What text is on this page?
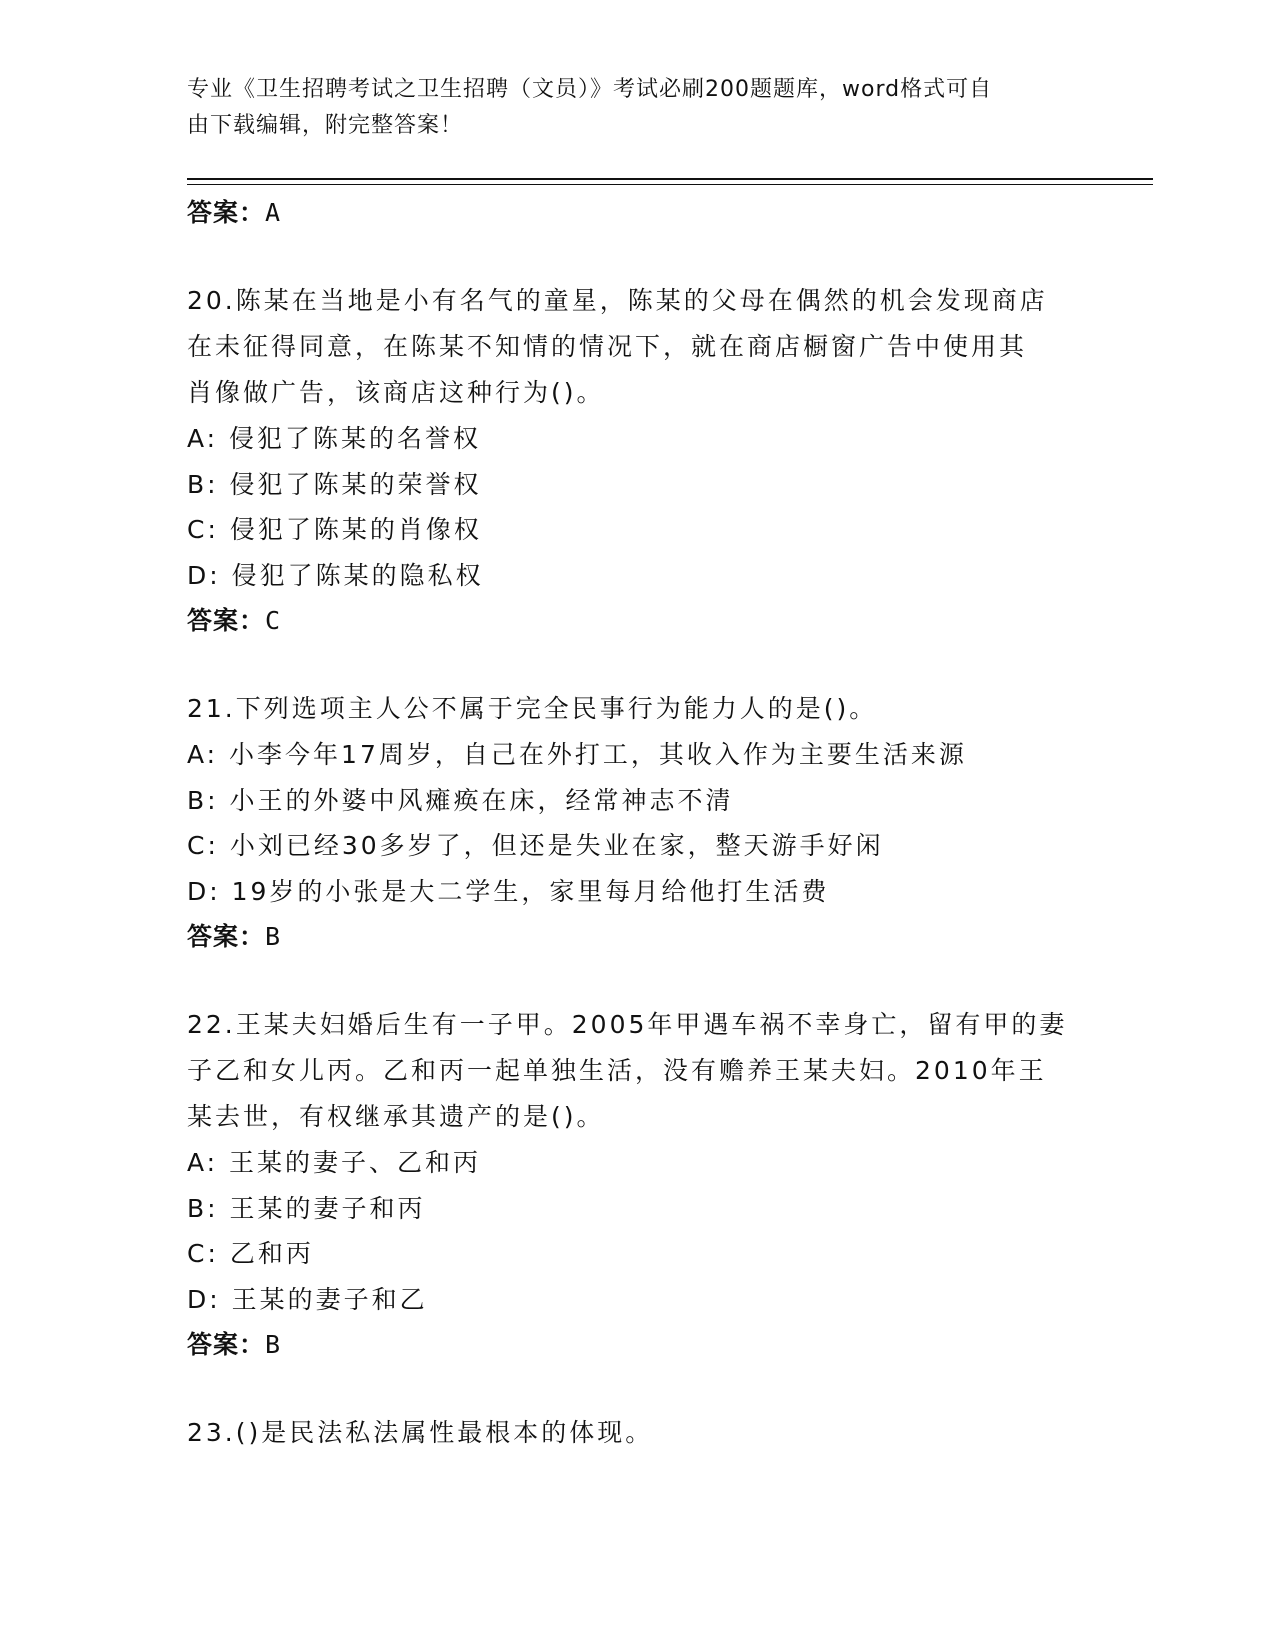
专业《卫生招聘考试之卫生招聘（文员）》考试必刷200题题库，word格式可自
由下载编辑，附完整答案！
答案：A
20.陈某在当地是小有名气的童星，陈某的父母在偶然的机会发现商店
在未征得同意，在陈某不知情的情况下，就在商店橱窗广告中使用其
肖像做广告，该商店这种行为()。
A: 侵犯了陈某的名誉权
B: 侵犯了陈某的荣誉权
C: 侵犯了陈某的肖像权
D: 侵犯了陈某的隐私权
答案：C
21.下列选项主人公不属于完全民事行为能力人的是()。
A: 小李今年17周岁，自己在外打工，其收入作为主要生活来源
B: 小王的外婆中风瘫痪在床，经常神志不清
C: 小刘已经30多岁了，但还是失业在家，整天游手好闲
D: 19岁的小张是大二学生，家里每月给他打生活费
答案：B
22.王某夫妇婚后生有一子甲。2005年甲遇车祸不幸身亡，留有甲的妻
子乙和女儿丙。乙和丙一起单独生活，没有赡养王某夫妇。2010年王
某去世，有权继承其遗产的是()。
A: 王某的妻子、乙和丙
B: 王某的妻子和丙
C: 乙和丙
D: 王某的妻子和乙
答案：B
23.()是民法私法属性最根本的体现。
